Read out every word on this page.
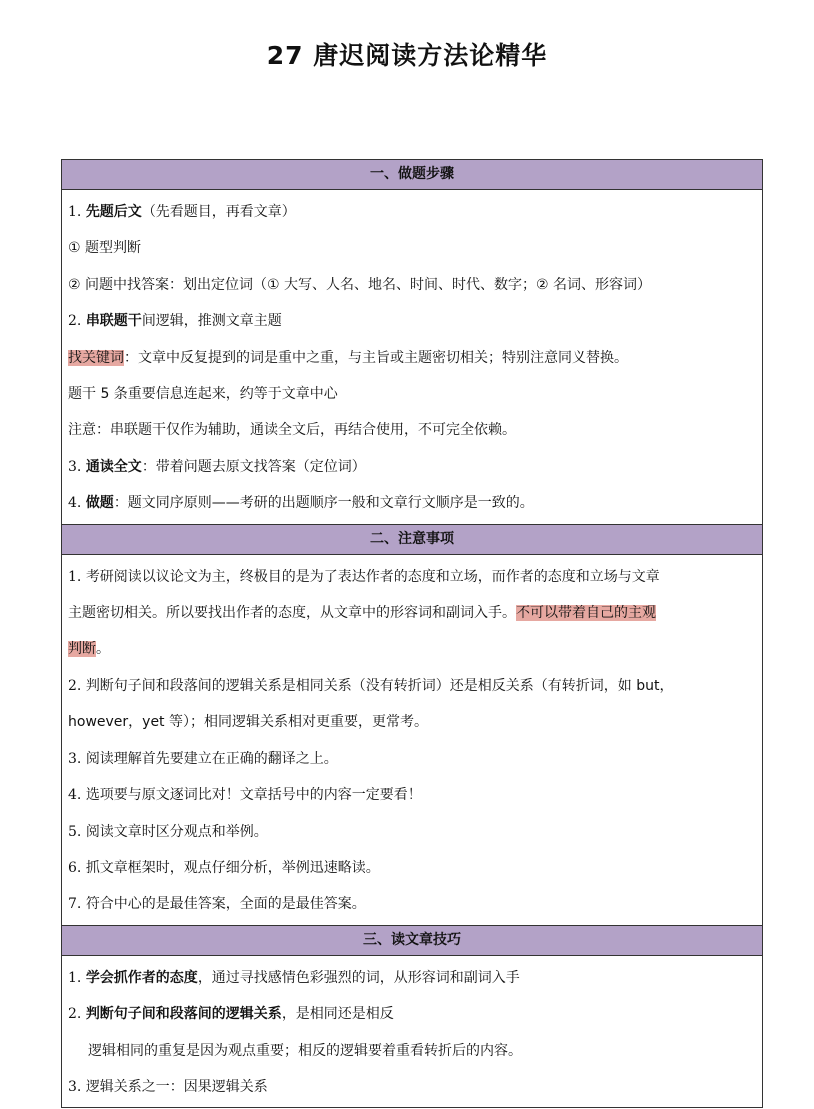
27 唐迟阅读方法论精华
一、做题步骤
1. 先题后文（先看题目，再看文章）
① 题型判断
② 问题中找答案：划出定位词（① 大写、人名、地名、时间、时代、数字；② 名词、形容词）
2. 串联题干间逻辑，推测文章主题
找关键词：文章中反复提到的词是重中之重，与主旨或主题密切相关；特别注意同义替换。
题干 5 条重要信息连起来，约等于文章中心
注意：串联题干仅作为辅助，通读全文后，再结合使用，不可完全依赖。
3. 通读全文：带着问题去原文找答案（定位词）
4. 做题：题文同序原则——考研的出题顺序一般和文章行文顺序是一致的。
二、注意事项
1. 考研阅读以议论文为主，终极目的是为了表达作者的态度和立场，而作者的态度和立场与文章
主题密切相关。所以要找出作者的态度，从文章中的形容词和副词入手。不可以带着自己的主观
判断。
2. 判断句子间和段落间的逻辑关系是相同关系（没有转折词）还是相反关系（有转折词，如 but，
however，yet 等）；相同逻辑关系相对更重要，更常考。
3. 阅读理解首先要建立在正确的翻译之上。
4. 选项要与原文逐词比对！文章括号中的内容一定要看！
5. 阅读文章时区分观点和举例。
6. 抓文章框架时，观点仔细分析，举例迅速略读。
7. 符合中心的是最佳答案，全面的是最佳答案。
三、读文章技巧
1. 学会抓作者的态度，通过寻找感情色彩强烈的词，从形容词和副词入手
2. 判断句子间和段落间的逻辑关系，是相同还是相反
逻辑相同的重复是因为观点重要；相反的逻辑要着重看转折后的内容。
3. 逻辑关系之一：因果逻辑关系
